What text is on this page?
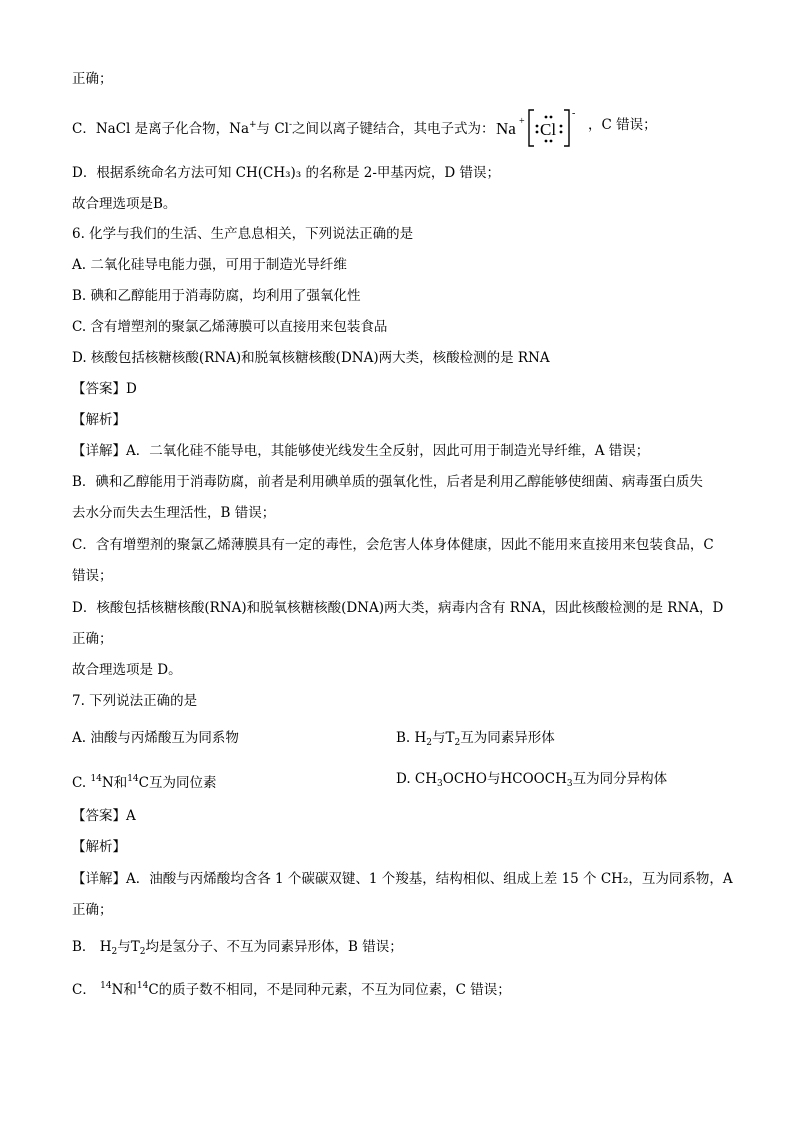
正确；
C．NaCl 是离子化合物，Na+与 Cl-之间以离子键结合，其电子式为： Na + Cl
-
，C 错误；
D．根据系统命名方法可知 CH(CH₃)₃ 的名称是 2-甲基丙烷，D 错误；
故合理选项是B。
6. 化学与我们的生活、生产息息相关，下列说法正确的是
A. 二氧化硅导电能力强，可用于制造光导纤维
B. 碘和乙醇能用于消毒防腐，均利用了强氧化性
C. 含有增塑剂的聚氯乙烯薄膜可以直接用来包装食品
D. 核酸包括核糖核酸(RNA)和脱氧核糖核酸(DNA)两大类，核酸检测的是 RNA
【答案】D
【解析】
【详解】A．二氧化硅不能导电，其能够使光线发生全反射，因此可用于制造光导纤维，A 错误；
B．碘和乙醇能用于消毒防腐，前者是利用碘单质的强氧化性，后者是利用乙醇能够使细菌、病毒蛋白质失
去水分而失去生理活性，B 错误；
C．含有增塑剂的聚氯乙烯薄膜具有一定的毒性，会危害人体身体健康，因此不能用来直接用来包装食品，C
错误；
D．核酸包括核糖核酸(RNA)和脱氧核糖核酸(DNA)两大类，病毒内含有 RNA，因此核酸检测的是 RNA，D
正确；
故合理选项是 D。
7. 下列说法正确的是
A. 油酸与丙烯酸互为同系物	B. $H_2$与$T_2$互为同素异形体
C. $^{14}$N和$^{14}$C互为同位素	D. $CH_3OCHO$与$HCOOCH_3$互为同分异构体
【答案】A
【解析】
【详解】A．油酸与丙烯酸均含各 1 个碳碳双键、1 个羧基，结构相似、组成上差 15 个 CH₂，互为同系物，A
正确；
B． $H_2$与$T_2$均是氢分子、不互为同素异形体，B 错误；
C． $^{14}$N和$^{14}$C的质子数不相同，不是同种元素，不互为同位素，C 错误；
